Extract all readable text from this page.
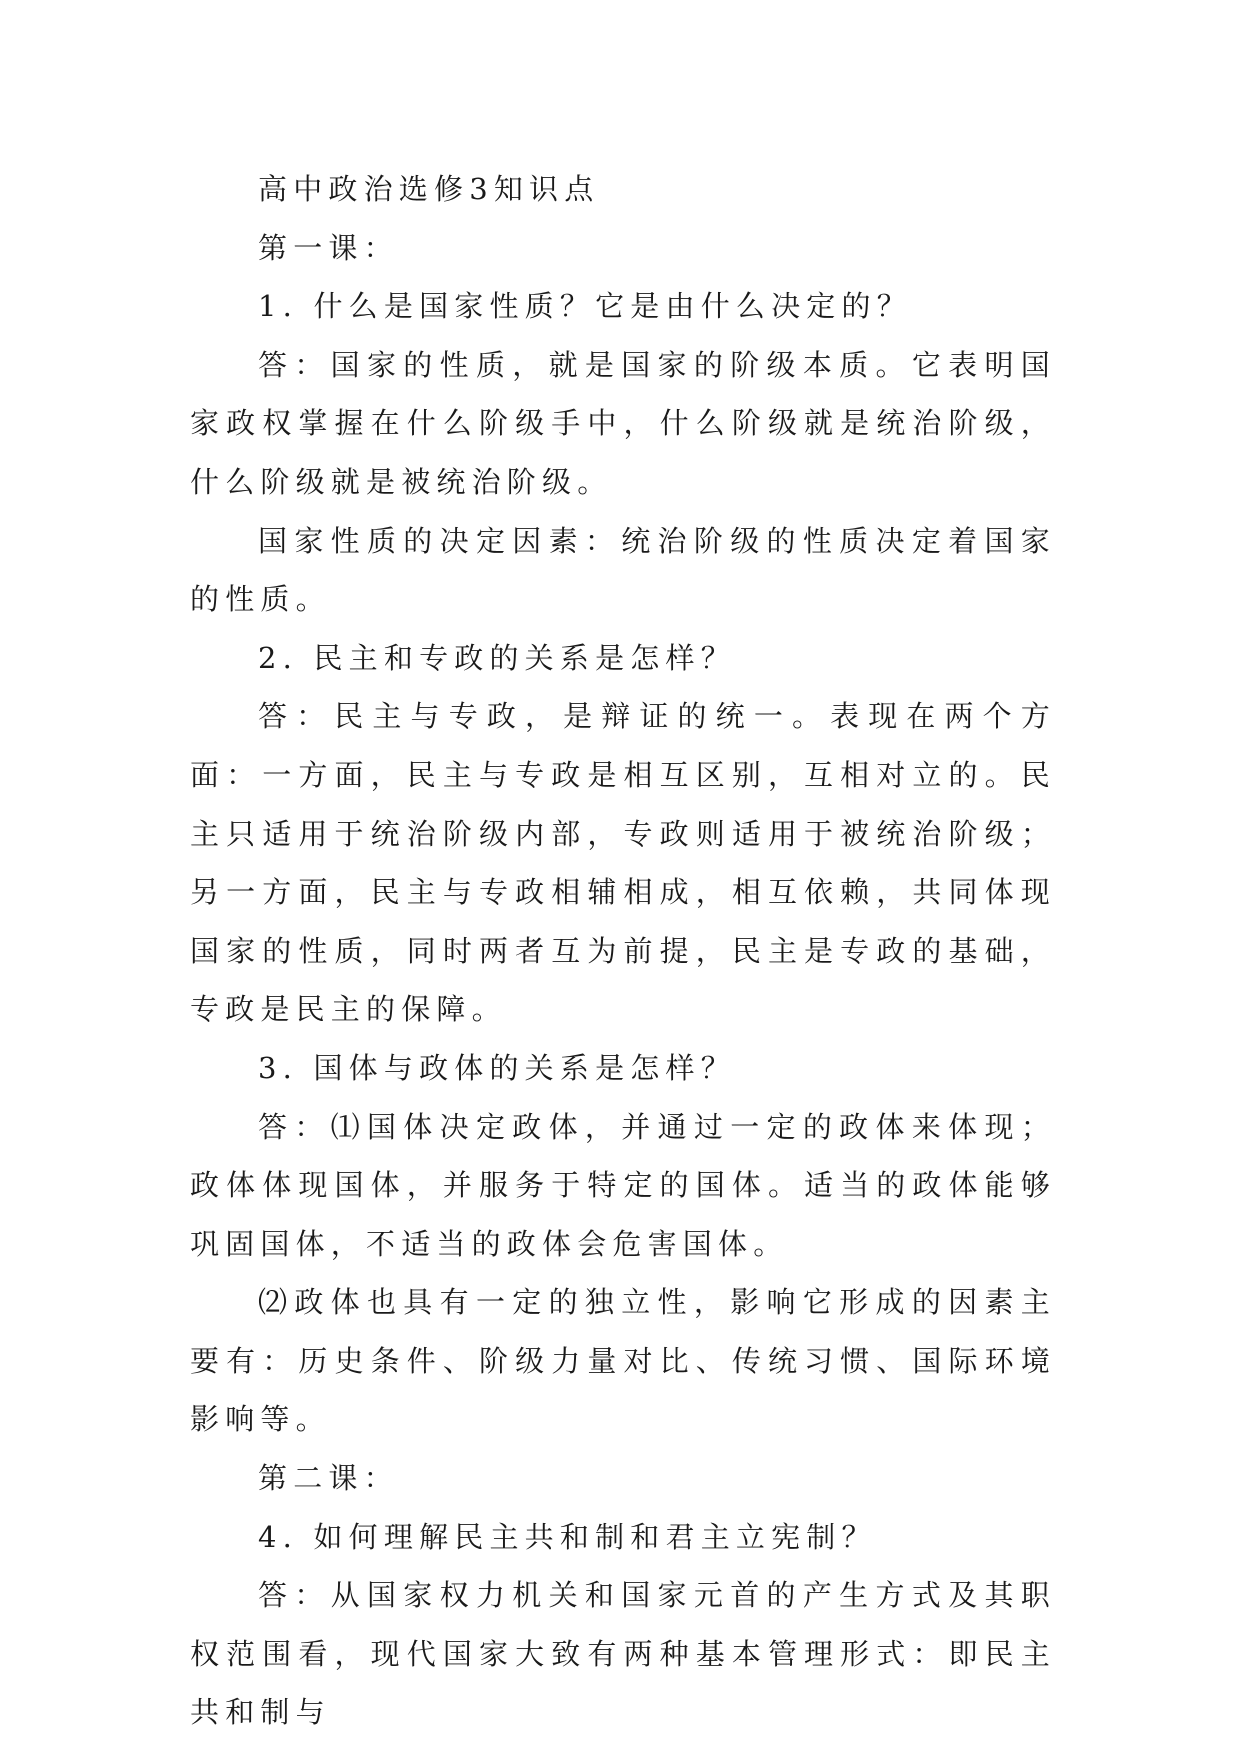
高中政治选修3知识点

第一课：

1. 什么是国家性质？它是由什么决定的？

答：国家的性质，就是国家的阶级本质。它表明国家政权掌握在什么阶级手中，什么阶级就是统治阶级，什么阶级就是被统治阶级。

国家性质的决定因素：统治阶级的性质决定着国家的性质。

2. 民主和专政的关系是怎样？

答：民主与专政，是辩证的统一。表现在两个方面：一方面，民主与专政是相互区别，互相对立的。民主只适用于统治阶级内部，专政则适用于被统治阶级；另一方面，民主与专政相辅相成，相互依赖，共同体现国家的性质，同时两者互为前提，民主是专政的基础，专政是民主的保障。

3. 国体与政体的关系是怎样？

答：⑴国体决定政体，并通过一定的政体来体现；政体体现国体，并服务于特定的国体。适当的政体能够巩固国体，不适当的政体会危害国体。

⑵政体也具有一定的独立性，影响它形成的因素主要有：历史条件、阶级力量对比、传统习惯、国际环境影响等。

第二课：

4. 如何理解民主共和制和君主立宪制？

答：从国家权力机关和国家元首的产生方式及其职权范围看，现代国家大致有两种基本管理形式：即民主共和制与
